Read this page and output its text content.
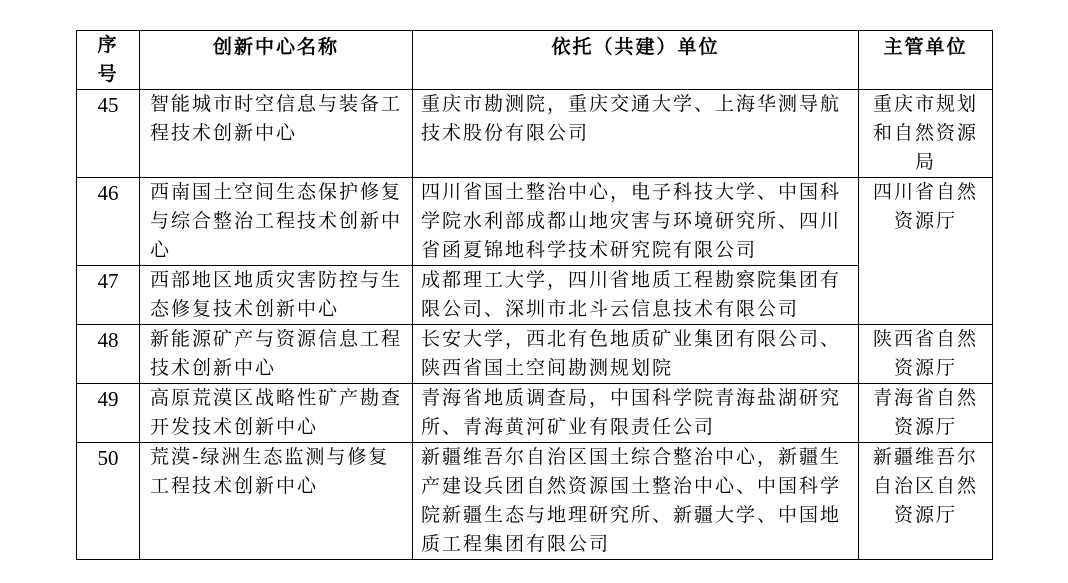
序
号	创新中心名称	依托（共建）单位	主管单位
45	智能城市时空信息与装备工程技术创新中心	重庆市勘测院，重庆交通大学、上海华测导航技术股份有限公司	重庆市规划和自然资源局
46	西南国土空间生态保护修复与综合整治工程技术创新中心	四川省国土整治中心，电子科技大学、中国科学院水利部成都山地灾害与环境研究所、四川省函夏锦地科学技术研究院有限公司	四川省自然资源厅
47	西部地区地质灾害防控与生态修复技术创新中心	成都理工大学，四川省地质工程勘察院集团有限公司、深圳市北斗云信息技术有限公司	
48	新能源矿产与资源信息工程技术创新中心	长安大学，西北有色地质矿业集团有限公司、陕西省国土空间勘测规划院	陕西省自然资源厅
49	高原荒漠区战略性矿产勘查开发技术创新中心	青海省地质调查局，中国科学院青海盐湖研究所、青海黄河矿业有限责任公司	青海省自然资源厅
50	荒漠-绿洲生态监测与修复工程技术创新中心	新疆维吾尔自治区国土综合整治中心，新疆生产建设兵团自然资源国土整治中心、中国科学院新疆生态与地理研究所、新疆大学、中国地质工程集团有限公司	新疆维吾尔自治区自然资源厅
